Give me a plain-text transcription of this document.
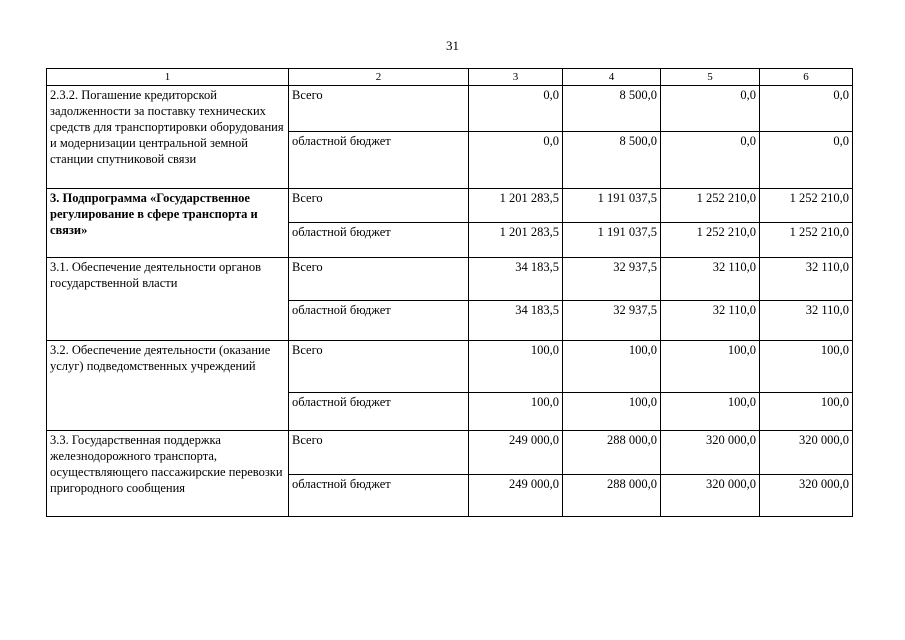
31
1	2	3	4	5	6
2.3.2. Погашение кредиторской задолженности за поставку технических средств для транспортировки оборудования и модернизации центральной земной станции спутниковой связи	Всего	0,0	8 500,0	0,0	0,0
	областной бюджет	0,0	8 500,0	0,0	0,0
3. Подпрограмма «Государственное регулирование в сфере транспорта и связи»	Всего	1 201 283,5	1 191 037,5	1 252 210,0	1 252 210,0
	областной бюджет	1 201 283,5	1 191 037,5	1 252 210,0	1 252 210,0
3.1. Обеспечение деятельности органов государственной власти	Всего	34 183,5	32 937,5	32 110,0	32 110,0
	областной бюджет	34 183,5	32 937,5	32 110,0	32 110,0
3.2. Обеспечение деятельности (оказание услуг) подведомственных учреждений	Всего	100,0	100,0	100,0	100,0
	областной бюджет	100,0	100,0	100,0	100,0
3.3. Государственная поддержка железнодорожного транспорта, осуществляющего пассажирские перевозки пригородного сообщения	Всего	249 000,0	288 000,0	320 000,0	320 000,0
	областной бюджет	249 000,0	288 000,0	320 000,0	320 000,0
